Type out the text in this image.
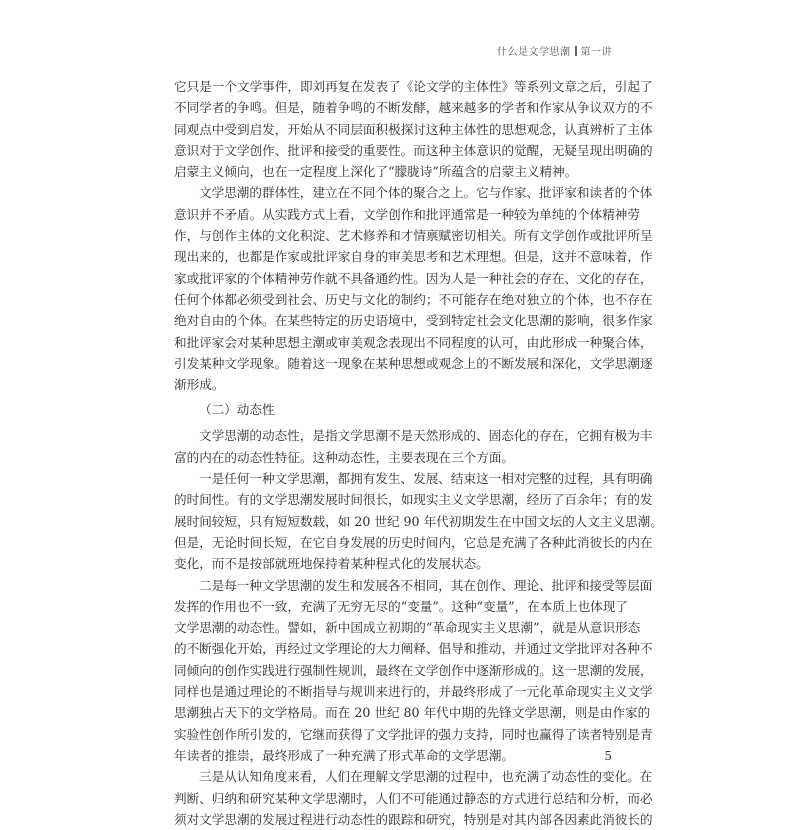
什么是文学思潮 第一讲
它只是一个文学事件，即刘再复在发表了《论文学的主体性》等系列文章之后，引起了
不同学者的争鸣。但是，随着争鸣的不断发酵，越来越多的学者和作家从争议双方的不
同观点中受到启发，开始从不同层面积极探讨这种主体性的思想观念，认真辨析了主体
意识对于文学创作、批评和接受的重要性。而这种主体意识的觉醒，无疑呈现出明确的
启蒙主义倾向，也在一定程度上深化了“朦胧诗”所蕴含的启蒙主义精神。
文学思潮的群体性，建立在不同个体的聚合之上。它与作家、批评家和读者的个体
意识并不矛盾。从实践方式上看，文学创作和批评通常是一种较为单纯的个体精神劳
作，与创作主体的文化积淀、艺术修养和才情禀赋密切相关。所有文学创作或批评所呈
现出来的，也都是作家或批评家自身的审美思考和艺术理想。但是，这并不意味着，作
家或批评家的个体精神劳作就不具备通约性。因为人是一种社会的存在、文化的存在，
任何个体都必须受到社会、历史与文化的制约；不可能存在绝对独立的个体，也不存在
绝对自由的个体。在某些特定的历史语境中，受到特定社会文化思潮的影响，很多作家
和批评家会对某种思想主潮或审美观念表现出不同程度的认可，由此形成一种聚合体，
引发某种文学现象。随着这一现象在某种思想或观念上的不断发展和深化，文学思潮逐
渐形成。
（二）动态性
文学思潮的动态性，是指文学思潮不是天然形成的、固态化的存在，它拥有极为丰
富的内在的动态性特征。这种动态性，主要表现在三个方面。
一是任何一种文学思潮，都拥有发生、发展、结束这一相对完整的过程，具有明确
的时间性。有的文学思潮发展时间很长，如现实主义文学思潮，经历了百余年；有的发
展时间较短，只有短短数载，如 20 世纪 90 年代初期发生在中国文坛的人文主义思潮。
但是，无论时间长短，在它自身发展的历史时间内，它总是充满了各种此消彼长的内在
变化，而不是按部就班地保持着某种程式化的发展状态。
二是每一种文学思潮的发生和发展各不相同，其在创作、理论、批评和接受等层面
发挥的作用也不一致，充满了无穷无尽的“变量”。这种“变量”，在本质上也体现了
文学思潮的动态性。譬如，新中国成立初期的“革命现实主义思潮”，就是从意识形态
的不断强化开始，再经过文学理论的大力阐释、倡导和推动，并通过文学批评对各种不
同倾向的创作实践进行强制性规训，最终在文学创作中逐渐形成的。这一思潮的发展，
同样也是通过理论的不断指导与规训来进行的，并最终形成了一元化革命现实主义文学
思潮独占天下的文学格局。而在 20 世纪 80 年代中期的先锋文学思潮，则是由作家的
实验性创作所引发的，它继而获得了文学批评的强力支持，同时也赢得了读者特别是青
年读者的推崇，最终形成了一种充满了形式革命的文学思潮。
三是从认知角度来看，人们在理解文学思潮的过程中，也充满了动态性的变化。在
判断、归纳和研究某种文学思潮时，人们不可能通过静态的方式进行总结和分析，而必
须对文学思潮的发展过程进行动态性的跟踪和研究，特别是对其内部各因素此消彼长的
5
